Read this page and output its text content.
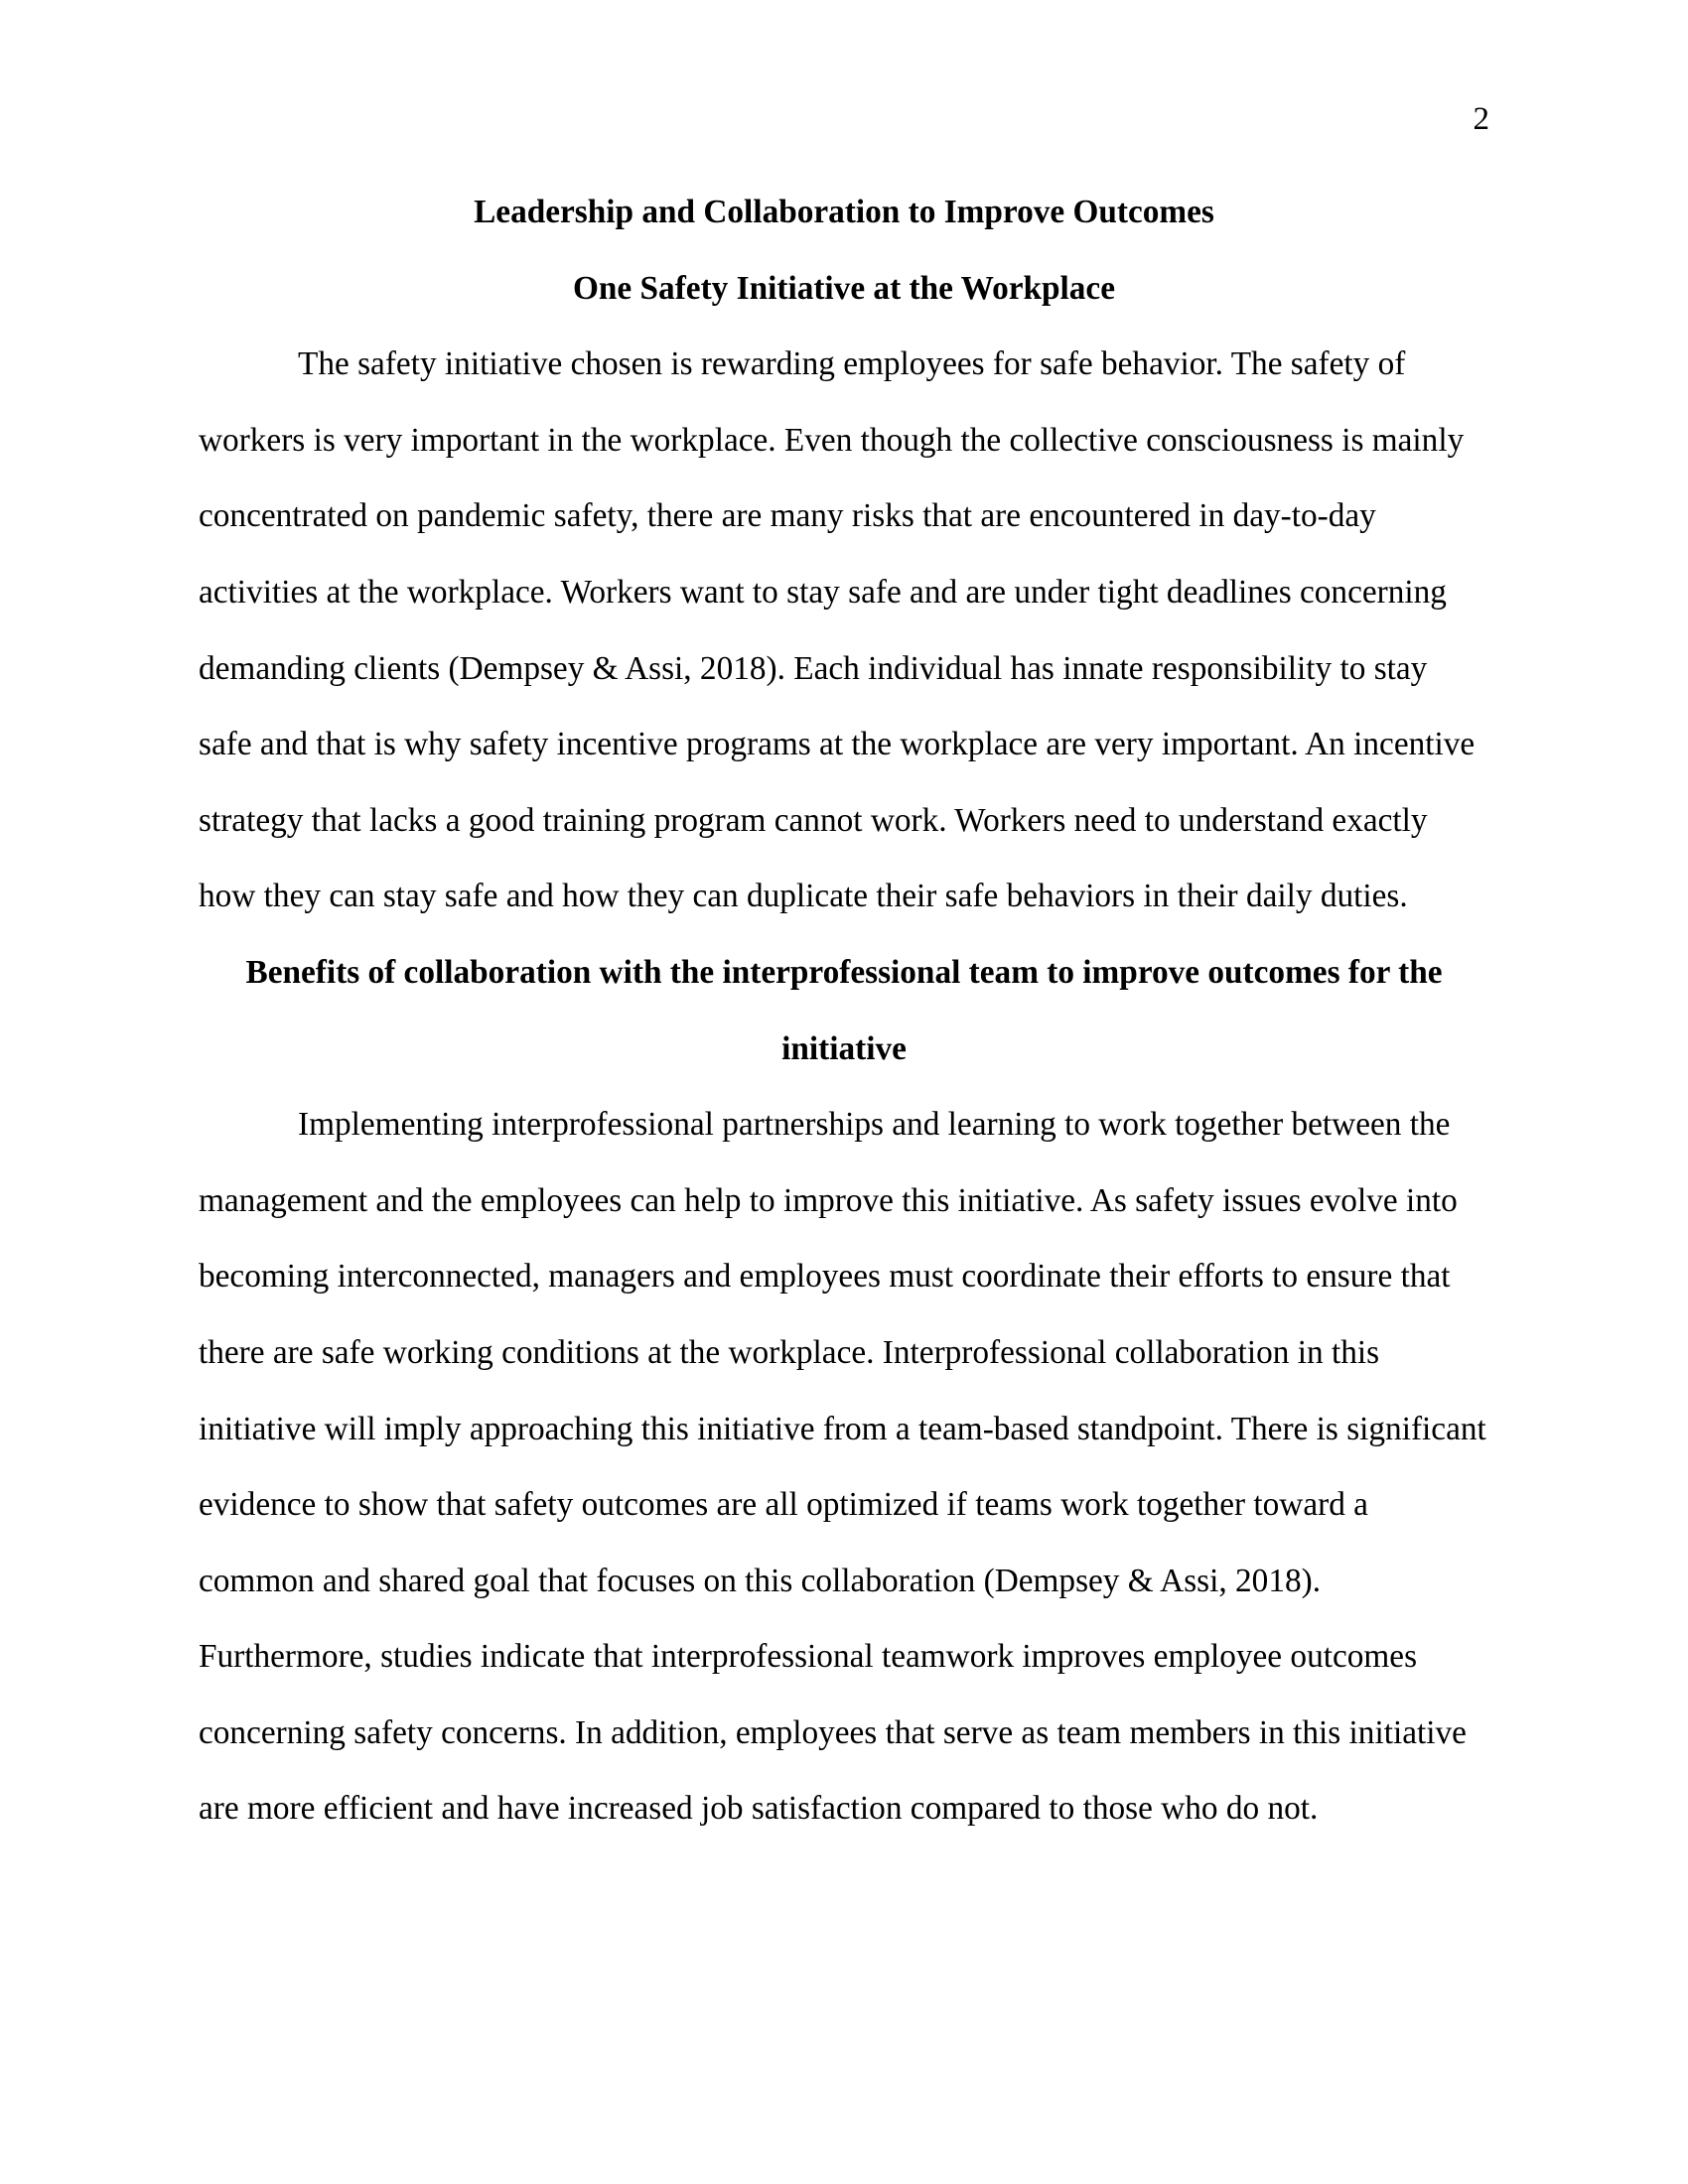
2
Leadership and Collaboration to Improve Outcomes
One Safety Initiative at the Workplace
The safety initiative chosen is rewarding employees for safe behavior. The safety of
workers is very important in the workplace. Even though the collective consciousness is mainly
concentrated on pandemic safety, there are many risks that are encountered in day-to-day
activities at the workplace. Workers want to stay safe and are under tight deadlines concerning
demanding clients (Dempsey & Assi, 2018). Each individual has innate responsibility to stay
safe and that is why safety incentive programs at the workplace are very important. An incentive
strategy that lacks a good training program cannot work. Workers need to understand exactly
how they can stay safe and how they can duplicate their safe behaviors in their daily duties.
Benefits of collaboration with the interprofessional team to improve outcomes for the
initiative
Implementing interprofessional partnerships and learning to work together between the
management and the employees can help to improve this initiative. As safety issues evolve into
becoming interconnected, managers and employees must coordinate their efforts to ensure that
there are safe working conditions at the workplace. Interprofessional collaboration in this
initiative will imply approaching this initiative from a team-based standpoint. There is significant
evidence to show that safety outcomes are all optimized if teams work together toward a
common and shared goal that focuses on this collaboration (Dempsey & Assi, 2018).
Furthermore, studies indicate that interprofessional teamwork improves employee outcomes
concerning safety concerns. In addition, employees that serve as team members in this initiative
are more efficient and have increased job satisfaction compared to those who do not.
